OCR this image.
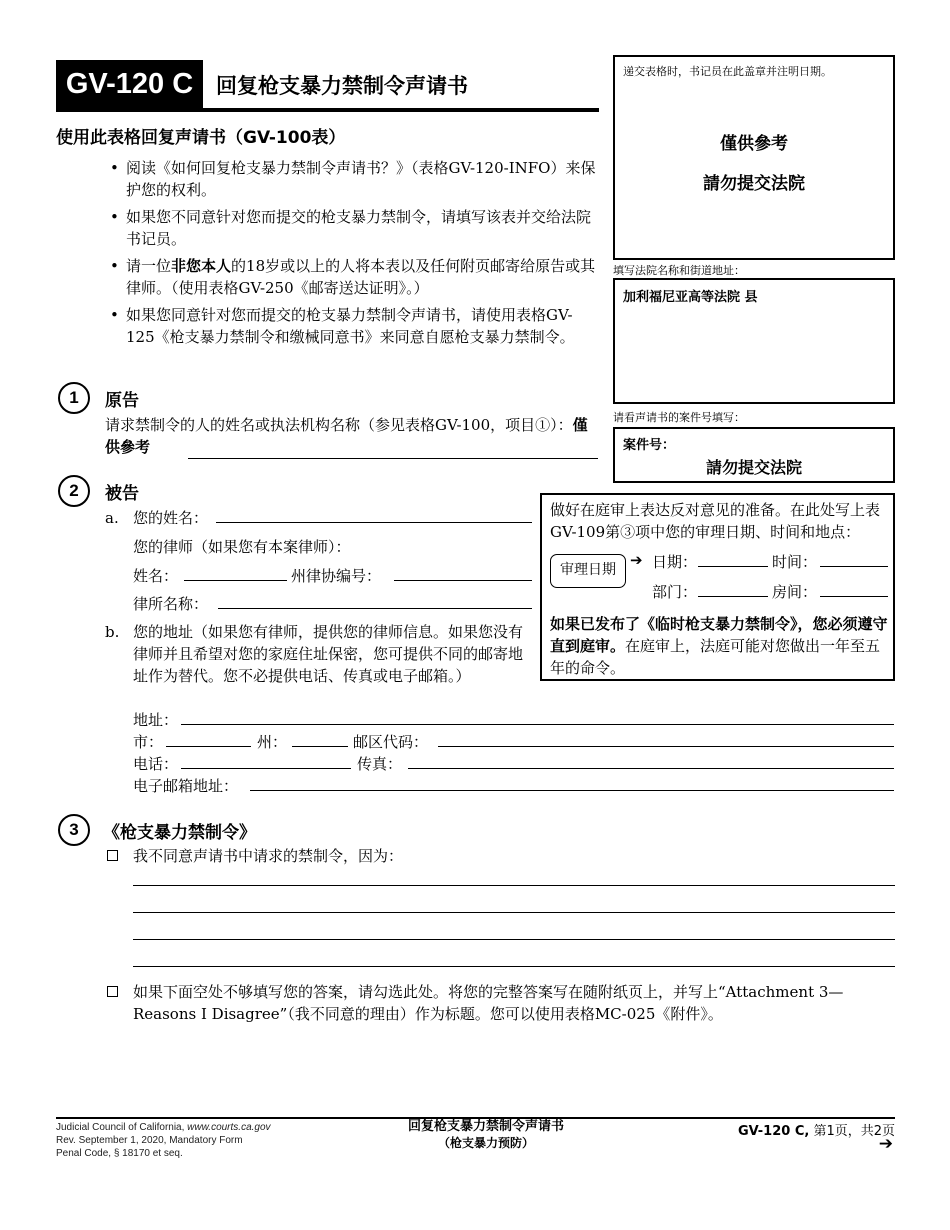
GV-120 C	回复枪支暴力禁制令声请书
使用此表格回复声请书（GV-100表）
• 阅读《如何回复枪支暴力禁制令声请书？》（表格GV-120-INFO）来保护您的权利。
• 如果您不同意针对您而提交的枪支暴力禁制令，请填写该表并交给法院书记员。
• 请一位非您本人的18岁或以上的人将本表以及任何附页邮寄给原告或其律师。（使用表格GV-250《邮寄送达证明》。）
• 如果您同意针对您而提交的枪支暴力禁制令声请书，请使用表格GV-125《枪支暴力禁制令和缴械同意书》来同意自愿枪支暴力禁制令。
递交表格时，书记员在此盖章并注明日期。
僅供參考
請勿提交法院
填写法院名称和街道地址：
加利福尼亚高等法院 县
请看声请书的案件号填写：
案件号：
請勿提交法院
1	原告
请求禁制令的人的姓名或执法机构名称（参见表格GV-100，项目①）：僅供參考
2	被告
a. 您的姓名：
您的律师（如果您有本案律师）：
姓名：	州律协编号：
律所名称：
b. 您的地址（如果您有律师，提供您的律师信息。如果您没有律师并且希望对您的家庭住址保密，您可提供不同的邮寄地址作为替代。您不必提供电话、传真或电子邮箱。）
地址：
市：	州：	邮区代码：
电话：	传真：
电子邮箱地址：
做好在庭审上表达反对意见的准备。在此处写上表GV-109第③项中您的审理日期、时间和地点：
审理日期
➔ 日期：	时间：
部门：	房间：
如果已发布了《临时枪支暴力禁制令》，您必须遵守直到庭审。在庭审上，法庭可能对您做出一年至五年的命令。
3	《枪支暴力禁制令》
我不同意声请书中请求的禁制令，因为：
如果下面空处不够填写您的答案，请勾选此处。将您的完整答案写在随附纸页上，并写上“Attachment 3—Reasons I Disagree”（我不同意的理由）作为标题。您可以使用表格MC-025《附件》。
Judicial Council of California, www.courts.ca.gov
Rev. September 1, 2020, Mandatory Form
Penal Code, § 18170 et seq.
回复枪支暴力禁制令声请书
（枪支暴力预防）
GV-120 C, 第1页，共2页
➔
